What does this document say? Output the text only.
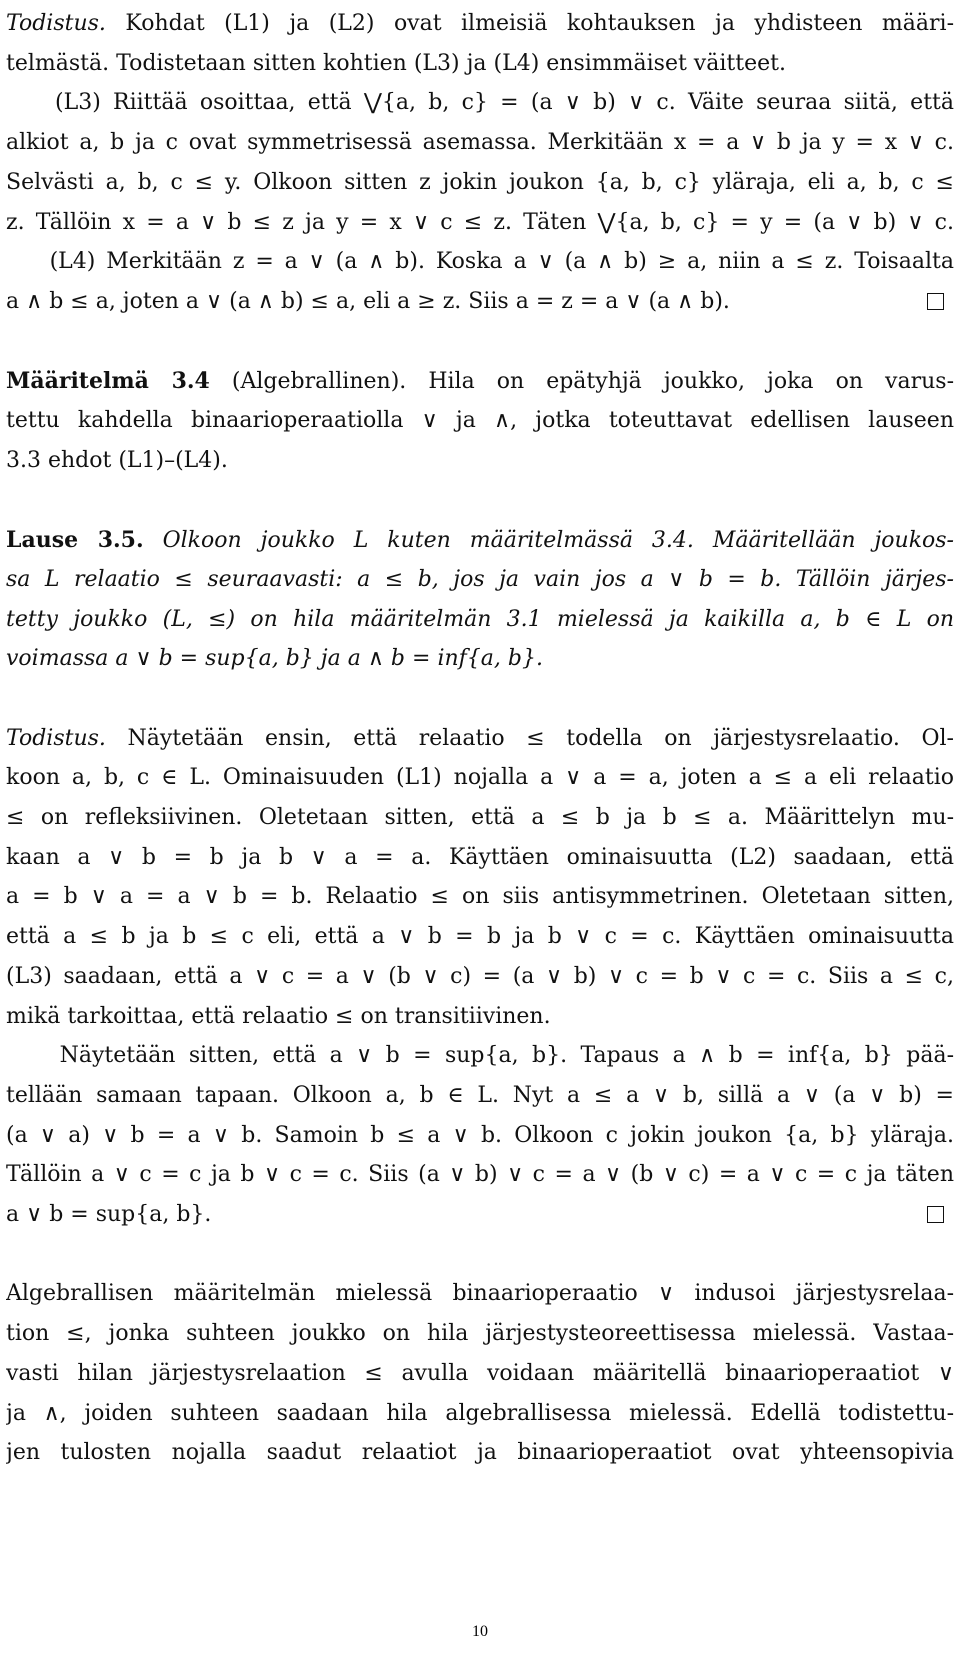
Todistus. Kohdat (L1) ja (L2) ovat ilmeisiä kohtauksen ja yhdisteen määri-
telmästä. Todistetaan sitten kohtien (L3) ja (L4) ensimmäiset väitteet.
(L3) Riittää osoittaa, että ⋁{a, b, c} = (a ∨ b) ∨ c. Väite seuraa siitä, että
alkiot a, b ja c ovat symmetrisessä asemassa. Merkitään x = a ∨ b ja y = x ∨ c.
Selvästi a, b, c ≤ y. Olkoon sitten z jokin joukon {a, b, c} yläraja, eli a, b, c ≤
z. Tällöin x = a ∨ b ≤ z ja y = x ∨ c ≤ z. Täten ⋁{a, b, c} = y = (a ∨ b) ∨ c.
(L4) Merkitään z = a ∨ (a ∧ b). Koska a ∨ (a ∧ b) ≥ a, niin a ≤ z. Toisaalta
a ∧ b ≤ a, joten a ∨ (a ∧ b) ≤ a, eli a ≥ z. Siis a = z = a ∨ (a ∧ b).
Määritelmä 3.4 (Algebrallinen). Hila on epätyhjä joukko, joka on varus-
tettu kahdella binaarioperaatiolla ∨ ja ∧, jotka toteuttavat edellisen lauseen
3.3 ehdot (L1)–(L4).
Lause 3.5. Olkoon joukko L kuten määritelmässä 3.4. Määritellään joukos-
sa L relaatio ≤ seuraavasti: a ≤ b, jos ja vain jos a ∨ b = b. Tällöin järjes-
tetty joukko (L, ≤) on hila määritelmän 3.1 mielessä ja kaikilla a, b ∈ L on
voimassa a ∨ b = sup{a, b} ja a ∧ b = inf{a, b}.
Todistus. Näytetään ensin, että relaatio ≤ todella on järjestysrelaatio. Ol-
koon a, b, c ∈ L. Ominaisuuden (L1) nojalla a ∨ a = a, joten a ≤ a eli relaatio
≤ on refleksiivinen. Oletetaan sitten, että a ≤ b ja b ≤ a. Määrittelyn mu-
kaan a ∨ b = b ja b ∨ a = a. Käyttäen ominaisuutta (L2) saadaan, että
a = b ∨ a = a ∨ b = b. Relaatio ≤ on siis antisymmetrinen. Oletetaan sitten,
että a ≤ b ja b ≤ c eli, että a ∨ b = b ja b ∨ c = c. Käyttäen ominaisuutta
(L3) saadaan, että a ∨ c = a ∨ (b ∨ c) = (a ∨ b) ∨ c = b ∨ c = c. Siis a ≤ c,
mikä tarkoittaa, että relaatio ≤ on transitiivinen.
Näytetään sitten, että a ∨ b = sup{a, b}. Tapaus a ∧ b = inf{a, b} pää-
tellään samaan tapaan. Olkoon a, b ∈ L. Nyt a ≤ a ∨ b, sillä a ∨ (a ∨ b) =
(a ∨ a) ∨ b = a ∨ b. Samoin b ≤ a ∨ b. Olkoon c jokin joukon {a, b} yläraja.
Tällöin a ∨ c = c ja b ∨ c = c. Siis (a ∨ b) ∨ c = a ∨ (b ∨ c) = a ∨ c = c ja täten
a ∨ b = sup{a, b}.
Algebrallisen määritelmän mielessä binaarioperaatio ∨ indusoi järjestysrelaa-
tion ≤, jonka suhteen joukko on hila järjestysteoreettisessa mielessä. Vastaa-
vasti hilan järjestysrelaation ≤ avulla voidaan määritellä binaarioperaatiot ∨
ja ∧, joiden suhteen saadaan hila algebrallisessa mielessä. Edellä todistettu-
jen tulosten nojalla saadut relaatiot ja binaarioperaatiot ovat yhteensopivia
10
